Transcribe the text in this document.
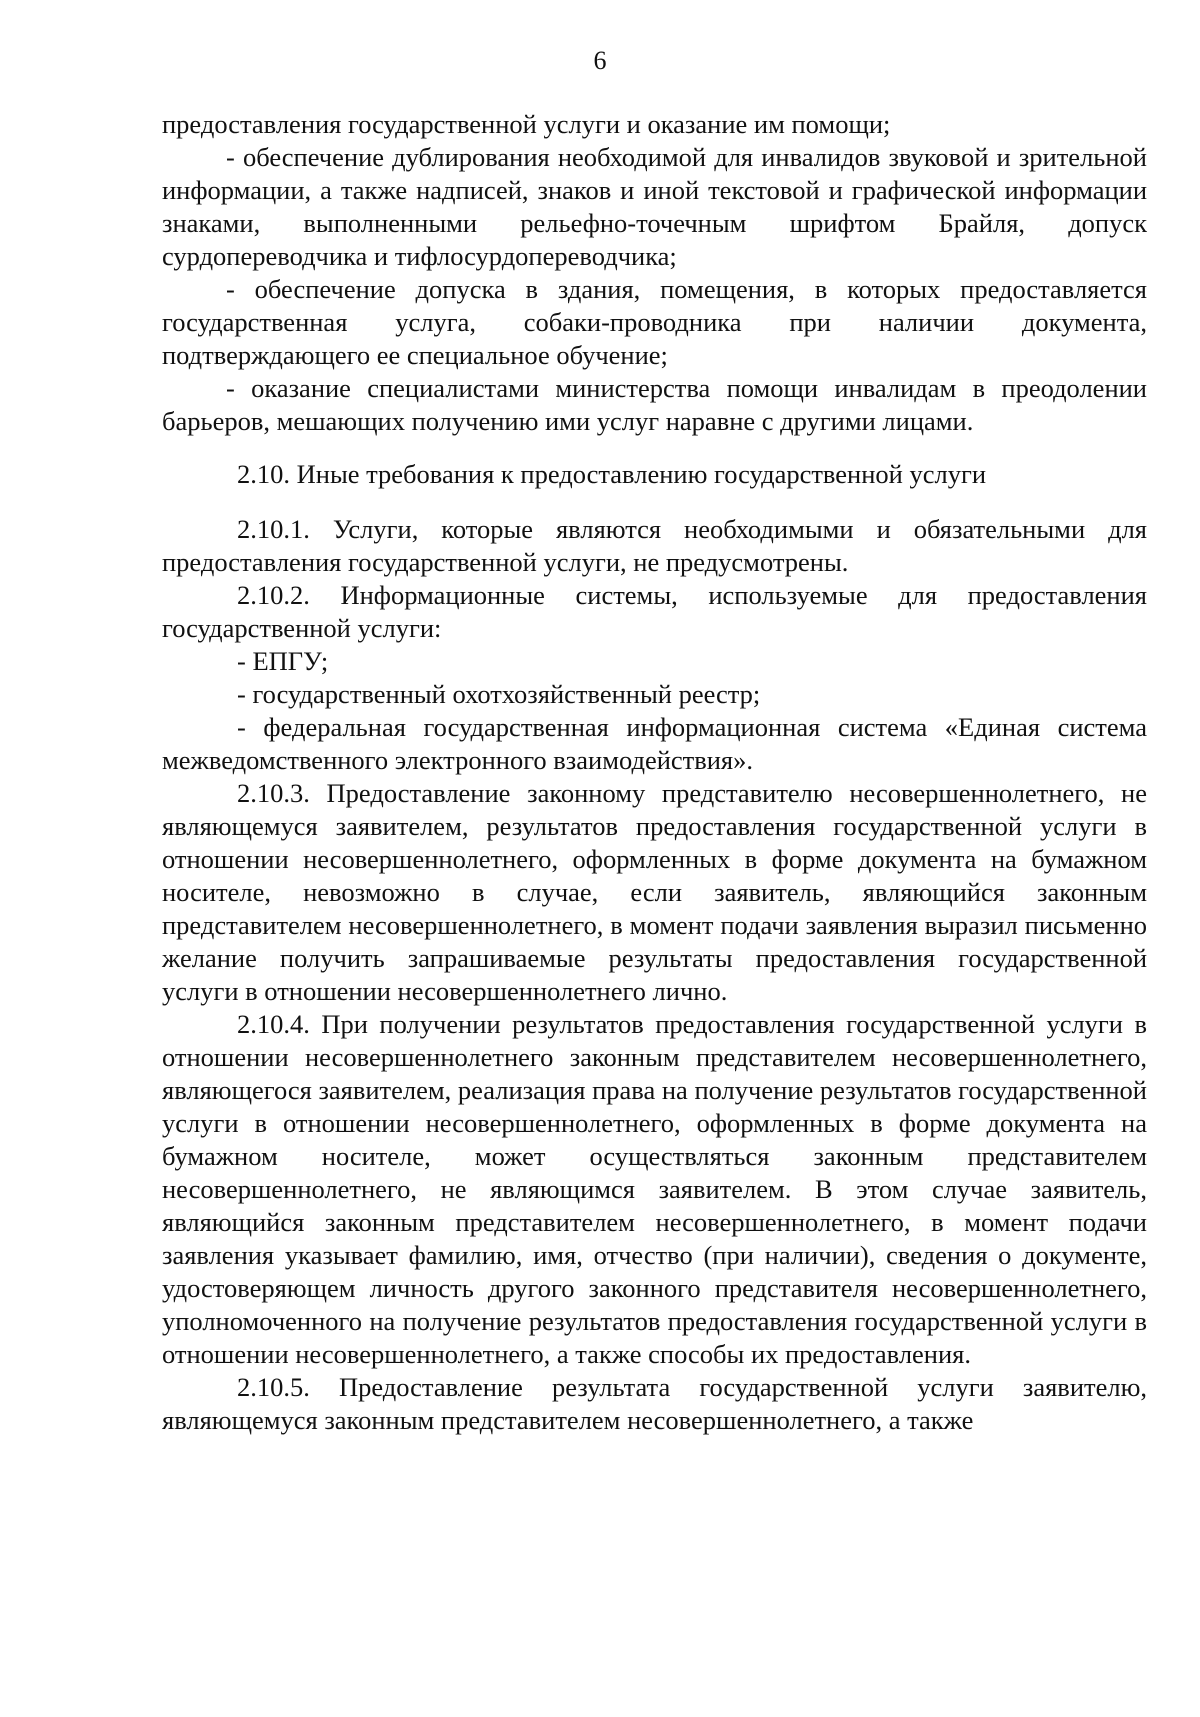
6

предоставления государственной услуги и оказание им помощи;

- обеспечение дублирования необходимой для инвалидов звуковой и зрительной информации, а также надписей, знаков и иной текстовой и графической информации знаками, выполненными рельефно-точечным шрифтом Брайля, допуск сурдопереводчика и тифлосурдопереводчика;

- обеспечение допуска в здания, помещения, в которых предоставляется государственная услуга, собаки-проводника при наличии документа, подтверждающего ее специальное обучение;

- оказание специалистами министерства помощи инвалидам в преодолении барьеров, мешающих получению ими услуг наравне с другими лицами.

2.10. Иные требования к предоставлению государственной услуги

2.10.1. Услуги, которые являются необходимыми и обязательными для предоставления государственной услуги, не предусмотрены.

2.10.2. Информационные системы, используемые для предоставления государственной услуги:

- ЕПГУ;

- государственный охотхозяйственный реестр;

- федеральная государственная информационная система «Единая система межведомственного электронного взаимодействия».

2.10.3. Предоставление законному представителю несовершеннолетнего, не являющемуся заявителем, результатов предоставления государственной услуги в отношении несовершеннолетнего, оформленных в форме документа на бумажном носителе, невозможно в случае, если заявитель, являющийся законным представителем несовершеннолетнего, в момент подачи заявления выразил письменно желание получить запрашиваемые результаты предоставления государственной услуги в отношении несовершеннолетнего лично.

2.10.4. При получении результатов предоставления государственной услуги в отношении несовершеннолетнего законным представителем несовершеннолетнего, являющегося заявителем, реализация права на получение результатов государственной услуги в отношении несовершеннолетнего, оформленных в форме документа на бумажном носителе, может осуществляться законным представителем несовершеннолетнего, не являющимся заявителем. В этом случае заявитель, являющийся законным представителем несовершеннолетнего, в момент подачи заявления указывает фамилию, имя, отчество (при наличии), сведения о документе, удостоверяющем личность другого законного представителя несовершеннолетнего, уполномоченного на получение результатов предоставления государственной услуги в отношении несовершеннолетнего, а также способы их предоставления.

2.10.5. Предоставление результата государственной услуги заявителю, являющемуся законным представителем несовершеннолетнего, а также
